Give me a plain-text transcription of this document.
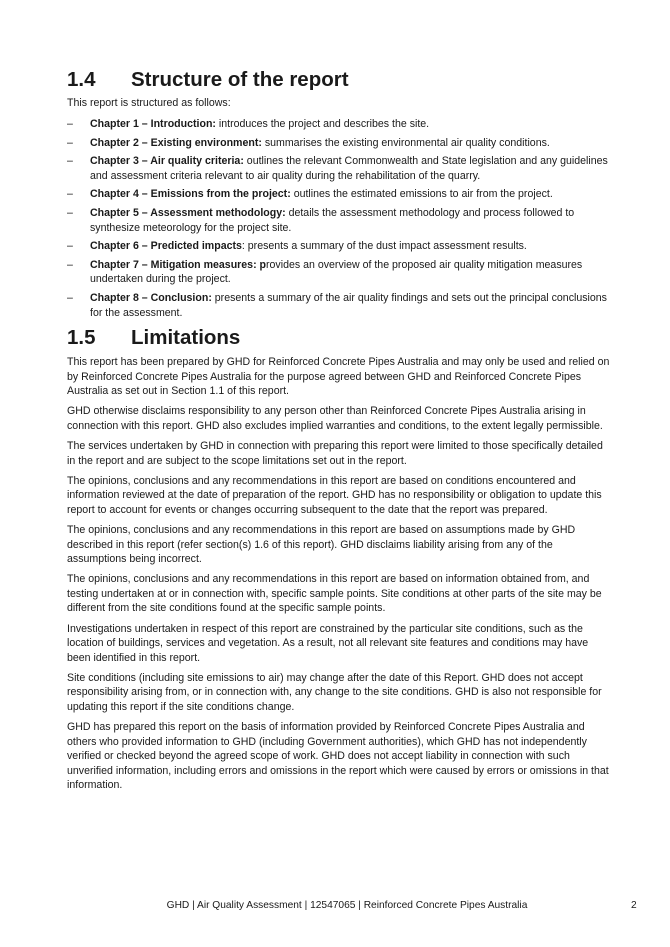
1.4	Structure of the report

This report is structured as follows:

–	Chapter 1 – Introduction: introduces the project and describes the site.
–	Chapter 2 – Existing environment: summarises the existing environmental air quality conditions.
–	Chapter 3 – Air quality criteria: outlines the relevant Commonwealth and State legislation and any guidelines and assessment criteria relevant to air quality during the rehabilitation of the quarry.
–	Chapter 4 – Emissions from the project: outlines the estimated emissions to air from the project.
–	Chapter 5 – Assessment methodology: details the assessment methodology and process followed to synthesize meteorology for the project site.
–	Chapter 6 – Predicted impacts: presents a summary of the dust impact assessment results.
–	Chapter 7 – Mitigation measures: provides an overview of the proposed air quality mitigation measures undertaken during the project.
–	Chapter 8 – Conclusion: presents a summary of the air quality findings and sets out the principal conclusions for the assessment.
1.5	Limitations

This report has been prepared by GHD for Reinforced Concrete Pipes Australia and may only be used and relied on by Reinforced Concrete Pipes Australia for the purpose agreed between GHD and Reinforced Concrete Pipes Australia as set out in Section 1.1 of this report.

GHD otherwise disclaims responsibility to any person other than Reinforced Concrete Pipes Australia arising in connection with this report. GHD also excludes implied warranties and conditions, to the extent legally permissible.

The services undertaken by GHD in connection with preparing this report were limited to those specifically detailed in the report and are subject to the scope limitations set out in the report.

The opinions, conclusions and any recommendations in this report are based on conditions encountered and information reviewed at the date of preparation of the report. GHD has no responsibility or obligation to update this report to account for events or changes occurring subsequent to the date that the report was prepared.

The opinions, conclusions and any recommendations in this report are based on assumptions made by GHD described in this report (refer section(s) 1.6 of this report). GHD disclaims liability arising from any of the assumptions being incorrect.

The opinions, conclusions and any recommendations in this report are based on information obtained from, and testing undertaken at or in connection with, specific sample points. Site conditions at other parts of the site may be different from the site conditions found at the specific sample points.

Investigations undertaken in respect of this report are constrained by the particular site conditions, such as the location of buildings, services and vegetation. As a result, not all relevant site features and conditions may have been identified in this report.

Site conditions (including site emissions to air) may change after the date of this Report. GHD does not accept responsibility arising from, or in connection with, any change to the site conditions. GHD is also not responsible for updating this report if the site conditions change.

GHD has prepared this report on the basis of information provided by Reinforced Concrete Pipes Australia and others who provided information to GHD (including Government authorities), which GHD has not independently verified or checked beyond the agreed scope of work. GHD does not accept liability in connection with such unverified information, including errors and omissions in the report which were caused by errors or omissions in that information.

GHD | Air Quality Assessment | 12547065 | Reinforced Concrete Pipes Australia	2
